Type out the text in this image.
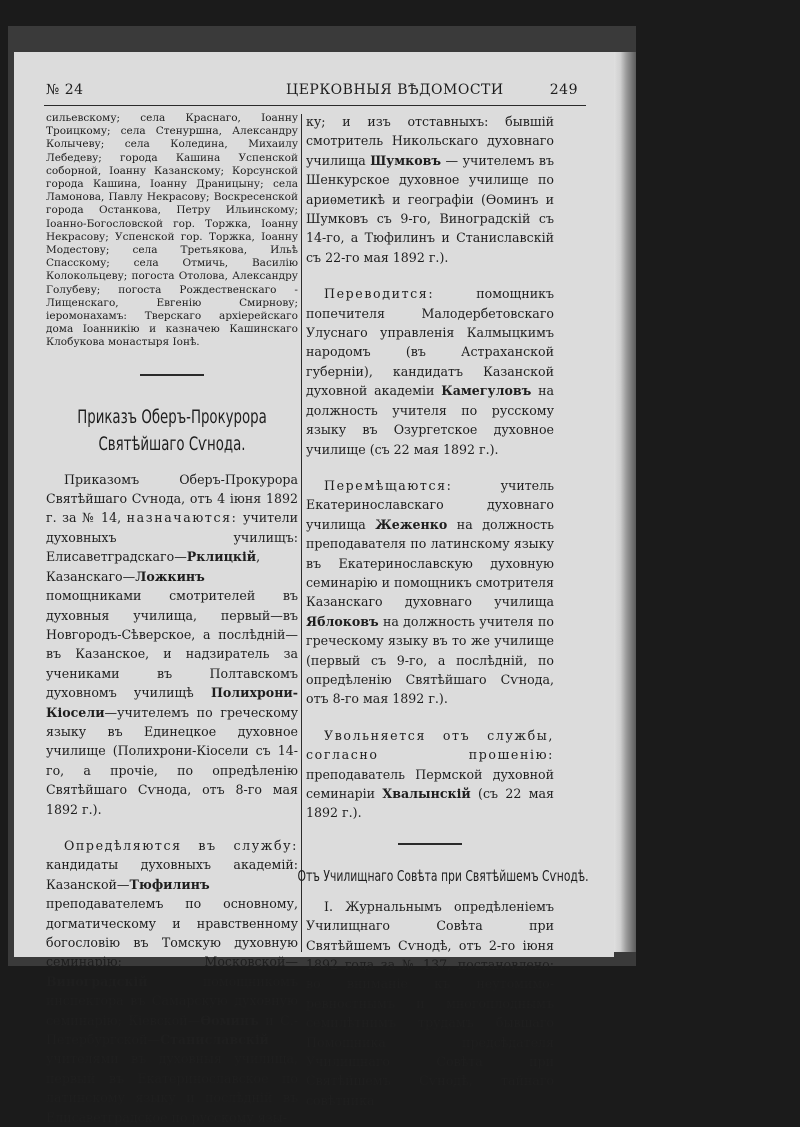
№ 24	ЦЕРКОВНЫЯ ВѢДОМОСТИ	249

сильевскому; села Краснаго, Іоанну Троицкому; села Стенуршна, Александру Колычеву; села Коледина, Михаилу Лебедеву; города Кашина Успенской соборной, Іоанну Казанскому; Корсунской города Кашина, Іоанну Драницыну; села Ламонова, Павлу Некрасову; Воскресенской города Останкова, Петру Ильинскому; Іоанно-Богословской гор. Торжка, Іоанну Некрасову; Успенской гор. Торжка, Іоанну Модестову; села Третьякова, Ильѣ Спасскому; села Отмичь, Василію Колокольцеву; погоста Отолова, Александру Голубеву; погоста Рождественскаго - Лищенскаго, Евгенію Смирнову; іеромонахамъ: Тверскаго архіерейскаго дома Іоанникію и казначею Кашинскаго Клобукова монастыря Іонѣ.

Приказъ Оберъ-Прокурора Святѣйшаго Сѵнода.

Приказомъ Оберъ-Прокурора Святѣйшаго Сѵнода, отъ 4 іюня 1892 г. за № 14, назначаются: учители духовныхъ училищъ: Елисаветградскаго—Рклицкій, Казанскаго—Ложкинъ помощниками смотрителей въ духовныя училища, первый—въ Новгородъ-Сѣверское, а послѣдній—въ Казанское, и надзиратель за учениками въ Полтавскомъ духовномъ училищѣ Полихрони-Кіосели—учителемъ по греческому языку въ Единецкое духовное училище (Полихрони-Кіосели съ 14-го, а прочіе, по опредѣленію Святѣйшаго Сѵнода, отъ 8-го мая 1892 г.).

Опредѣляются въ службу: кандидаты духовныхъ академій: Казанской—Тюфилинъ преподавателемъ по основному, догматическому и нравственному богословію въ Томскую духовную семинарію; Московской—Виноградскій помощникомъ инспектора въ Самарскую духовную семинарію; Кіевской—Ѳоминъ и С.-Петербургской—Станиславскій учителями въ духовныя училища, первый въ Екатеринославское по латинскому языку и послѣдній въ Елисаветградское по русскому язы-

ку; и изъ отставныхъ: бывшій смотритель Никольскаго духовнаго училища Шумковъ — учителемъ въ Шенкурское духовное училище по ариѳметикѣ и географіи (Ѳоминъ и Шумковъ съ 9-го, Виноградскій съ 14-го, а Тюфилинъ и Станиславскій съ 22-го мая 1892 г.).

Переводится: помощникъ попечителя Малодербетовскаго Улуснаго управленія Калмыцкимъ народомъ (въ Астраханской губерніи), кандидатъ Казанской духовной академіи Камегуловъ на должность учителя по русскому языку въ Озургетское духовное училище (съ 22 мая 1892 г.).

Перемѣщаются: учитель Екатеринославскаго духовнаго училища Жеженко на должность преподавателя по латинскому языку въ Екатеринославскую духовную семинарію и помощникъ смотрителя Казанскаго духовнаго училища Яблоковъ на должность учителя по греческому языку въ то же училище (первый съ 9-го, а послѣдній, по опредѣленію Святѣйшаго Сѵнода, отъ 8-го мая 1892 г.).

Увольняется отъ службы, согласно прошенію: преподаватель Пермской духовной семинаріи Хвалынскій (съ 22 мая 1892 г.).

Отъ Училищнаго Совѣта при Святѣйшемъ Сѵнодѣ.

I. Журнальнымъ опредѣленіемъ Училищнаго Совѣта при Святѣйшемъ Сѵнодѣ, отъ 2-го іюня 1892 года за № 137, постановлено: во вниманіе къ неутомимо-ревностнымъ и многоплоднымъ семилѣтнимъ трудамъ бывшаго Помощника предсѣдателя Училищнаго Совѣта при Святѣйшемъ Сѵнодѣ, тайнаго совѣтника
